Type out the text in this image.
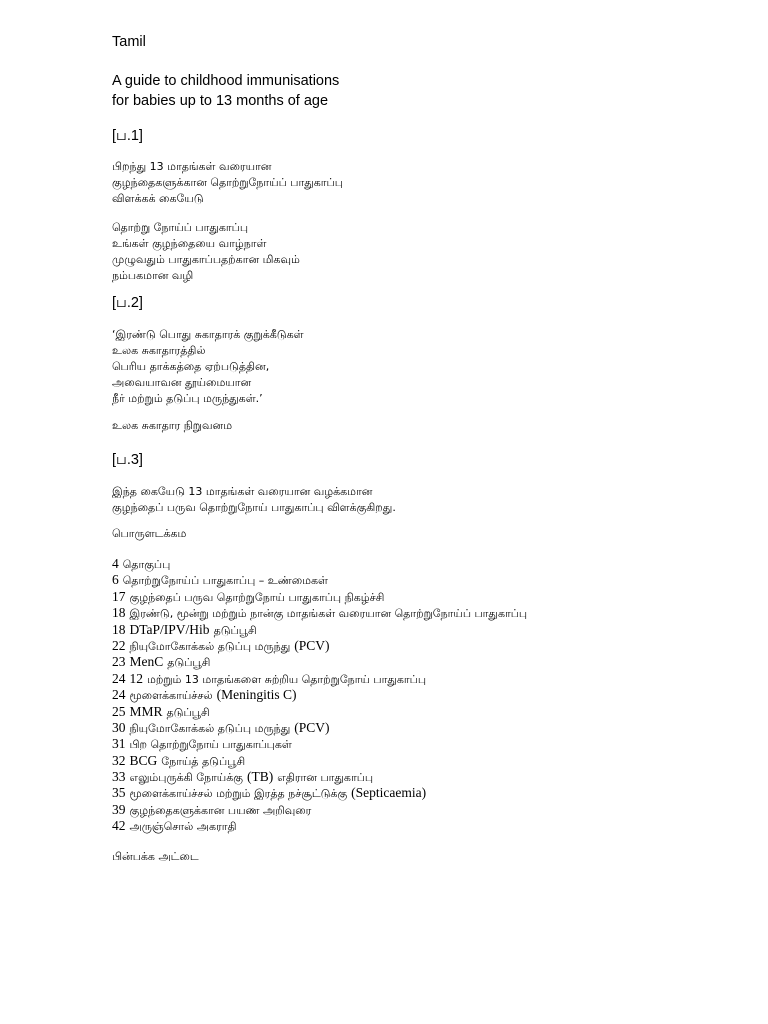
Tamil
A guide to childhood immunisations
for babies up to 13 months of age
[ப.1]
பிறந்து 13 மாதங்கள் வரையான
குழந்தைகளுக்கான தொற்றுநோய்ப் பாதுகாப்பு
விளக்கக் கையேடு
தொற்று நோய்ப் பாதுகாப்பு
உங்கள் குழந்தையை வாழ்நாள்
முழுவதும் பாதுகாப்பதற்கான மிகவும்
நம்பகமான வழி
[ப.2]
‘இரண்டு பொது சுகாதாரக் குறுக்கீடுகள்
உலக சுகாதாரத்தில்
பெரிய தாக்கத்தை ஏற்படுத்தின,
அவையாவன தூய்மையான
நீர் மற்றும் தடுப்பு மருந்துகள்.’
உலக சுகாதார நிறுவனம
[ப.3]
இந்த கையேடு 13 மாதங்கள் வரையான வழக்கமான
குழந்தைப் பருவ தொற்றுநோய் பாதுகாப்பு விளக்குகிறது.
பொருளடக்கம
4 தொகுப்பு
6 தொற்றுநோய்ப் பாதுகாப்பு – உண்மைகள்
17 குழந்தைப் பருவ தொற்றுநோய் பாதுகாப்பு நிகழ்ச்சி
18 இரண்டு, மூன்று மற்றும் நான்கு மாதங்கள் வரையான தொற்றுநோய்ப் பாதுகாப்பு
18 DTaP/IPV/Hib தடுப்பூசி
22 நியுமோகோக்கல் தடுப்பு மருந்து (PCV)
23 MenC தடுப்பூசி
24 12 மற்றும் 13 மாதங்களை சுற்றிய தொற்றுநோய் பாதுகாப்பு
24 மூளைக்காய்ச்சல் (Meningitis C)
25 MMR தடுப்பூசி
30 நியுமோகோக்கல் தடுப்பு மருந்து (PCV)
31 பிற தொற்றுநோய் பாதுகாப்புகள்
32 BCG நோய்த் தடுப்பூசி
33 எலும்புருக்கி நோய்க்கு (TB) எதிரான பாதுகாப்பு
35 மூளைக்காய்ச்சல் மற்றும் இரத்த நச்சூட்டுக்கு (Septicaemia)
39 குழந்தைகளுக்கான பயண அறிவுரை
42 அருஞ்சொல் அகராதி
பின்பக்க அட்டை
